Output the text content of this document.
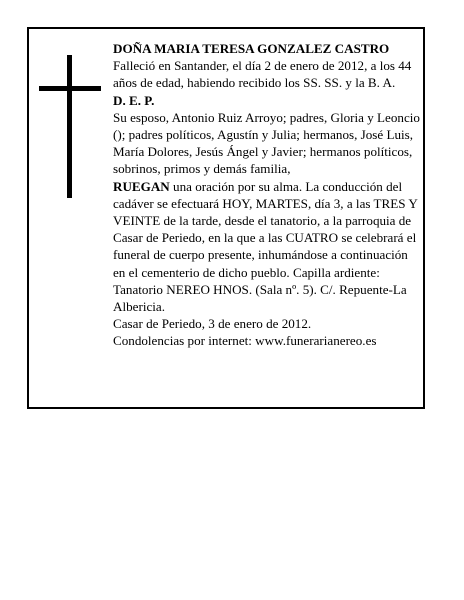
DOÑA MARIA TERESA GONZALEZ CASTRO

Falleció en Santander, el día 2 de enero de 2012, a los 44 años de edad, habiendo recibido los SS. SS. y la B. A.

D. E. P.

Su esposo, Antonio Ruiz Arroyo; padres, Gloria y Leoncio (); padres políticos, Agustín y Julia; hermanos, José Luis, María Dolores, Jesús Ángel y Javier; hermanos políticos, sobrinos, primos y demás familia,

RUEGAN una oración por su alma. La conducción del cadáver se efectuará HOY, MARTES, día 3, a las TRES Y VEINTE de la tarde, desde el tanatorio, a la parroquia de Casar de Periedo, en la que a las CUATRO se celebrará el funeral de cuerpo presente, inhumándose a continuación en el cementerio de dicho pueblo. Capilla ardiente: Tanatorio NEREO HNOS. (Sala nº. 5). C/. Repuente-La Albericia.

Casar de Periedo, 3 de enero de 2012.

Condolencias por internet: www.funerarianereo.es
